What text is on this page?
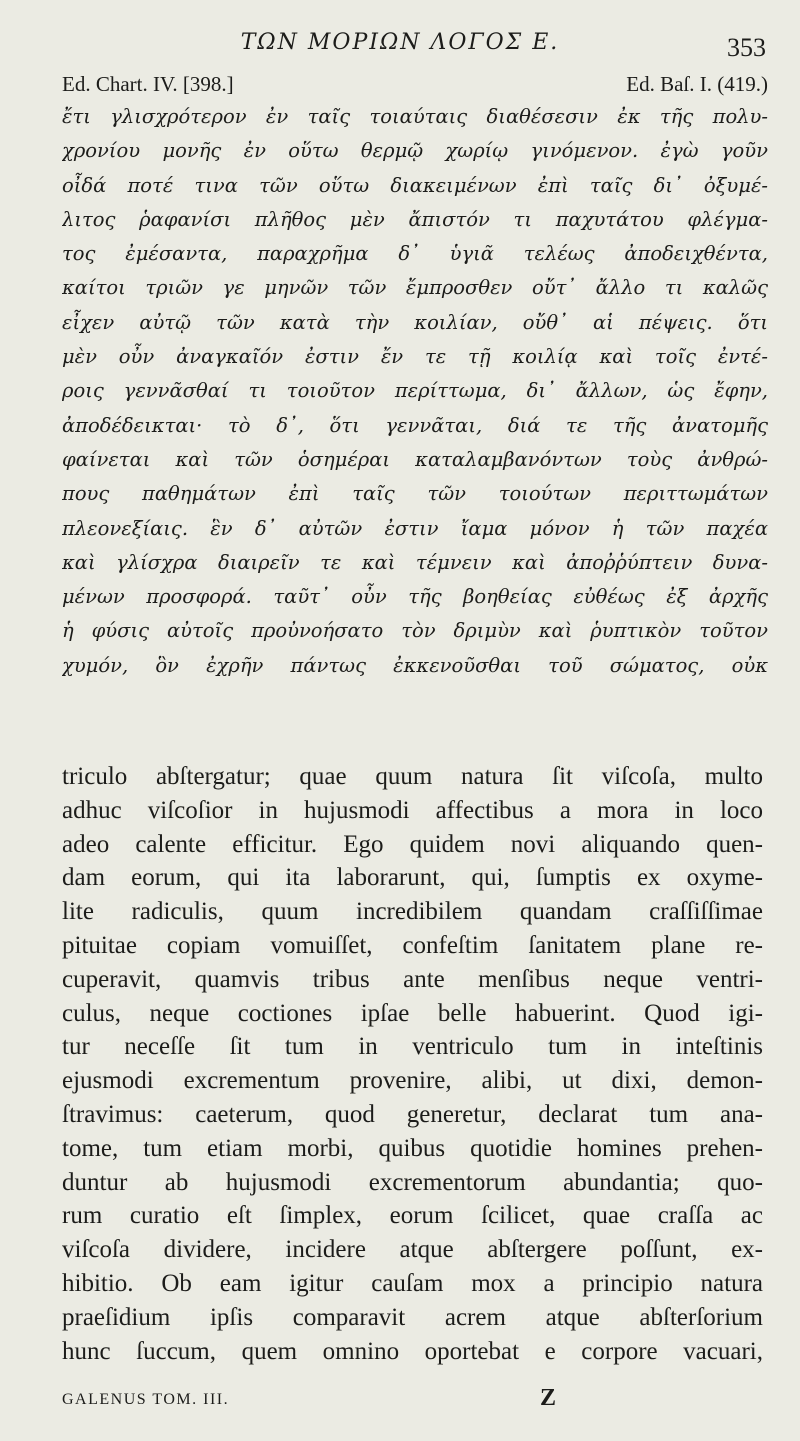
ΤΩΝ ΜΟΡΙΩΝ ΛΟΓΟΣ Ε.	353
Ed. Chart. IV. [398.]	Ed. Baſ. I. (419.)
ἔτι γλισχρότερον ἐν ταῖς τοιαύταις διαθέσεσιν ἐκ τῆς πολυ-
χρονίου μονῆς ἐν οὕτω θερμῷ χωρίῳ γινόμενον. ἐγὼ γοῦν
οἶδά ποτέ τινα τῶν οὕτω διακειμένων ἐπὶ ταῖς δι᾽ ὀξυμέ-
λιτος ῥαφανίσι πλῆθος μὲν ἄπιστόν τι παχυτάτου φλέγμα-
τος ἐμέσαντα, παραχρῆμα δ᾽ ὑγιᾶ τελέως ἀποδειχθέντα,
καίτοι τριῶν γε μηνῶν τῶν ἔμπροσθεν οὔτ᾽ ἄλλο τι καλῶς
εἶχεν αὐτῷ τῶν κατὰ τὴν κοιλίαν, οὔθ᾽ αἱ πέψεις. ὅτι
μὲν οὖν ἀναγκαῖόν ἐστιν ἔν τε τῇ κοιλίᾳ καὶ τοῖς ἐντέ-
ροις γεννᾶσθαί τι τοιοῦτον περίττωμα, δι᾽ ἄλλων, ὡς ἔφην,
ἀποδέδεικται· τὸ δ᾽, ὅτι γεννᾶται, διά τε τῆς ἀνατομῆς
φαίνεται καὶ τῶν ὁσημέραι καταλαμβανόντων τοὺς ἀνθρώ-
πους παθημάτων ἐπὶ ταῖς τῶν τοιούτων περιττωμάτων
πλεονεξίαις. ἓν δ᾽ αὐτῶν ἐστιν ἴαμα μόνον ἡ τῶν παχέα
καὶ γλίσχρα διαιρεῖν τε καὶ τέμνειν καὶ ἀποῤῥύπτειν δυνα-
μένων προσφορά. ταῦτ᾽ οὖν τῆς βοηθείας εὐθέως ἐξ ἀρχῆς
ἡ φύσις αὐτοῖς προὐνοήσατο τὸν δριμὺν καὶ ῥυπτικὸν τοῦτον
χυμόν, ὃν ἐχρῆν πάντως ἐκκενοῦσθαι τοῦ σώματος, οὐκ
triculo abſtergatur; quae quum natura ſit viſcoſa, multo
adhuc viſcoſior in hujusmodi affectibus a mora in loco
adeo calente efficitur. Ego quidem novi aliquando quen-
dam eorum, qui ita laborarunt, qui, ſumptis ex oxyme-
lite radiculis, quum incredibilem quandam craſſiſſimae
pituitae copiam vomuiſſet, confeſtim ſanitatem plane re-
cuperavit, quamvis tribus ante menſibus neque ventri-
culus, neque coctiones ipſae belle habuerint. Quod igi-
tur neceſſe ſit tum in ventriculo tum in inteſtinis
ejusmodi excrementum provenire, alibi, ut dixi, demon-
ſtravimus: caeterum, quod generetur, declarat tum ana-
tome, tum etiam morbi, quibus quotidie homines prehen-
duntur ab hujusmodi excrementorum abundantia; quo-
rum curatio eſt ſimplex, eorum ſcilicet, quae craſſa ac
viſcoſa dividere, incidere atque abſtergere poſſunt, ex-
hibitio. Ob eam igitur cauſam mox a principio natura
praeſidium ipſis comparavit acrem atque abſterſorium
hunc ſuccum, quem omnino oportebat e corpore vacuari,
GALENUS TOM. III.	Z
